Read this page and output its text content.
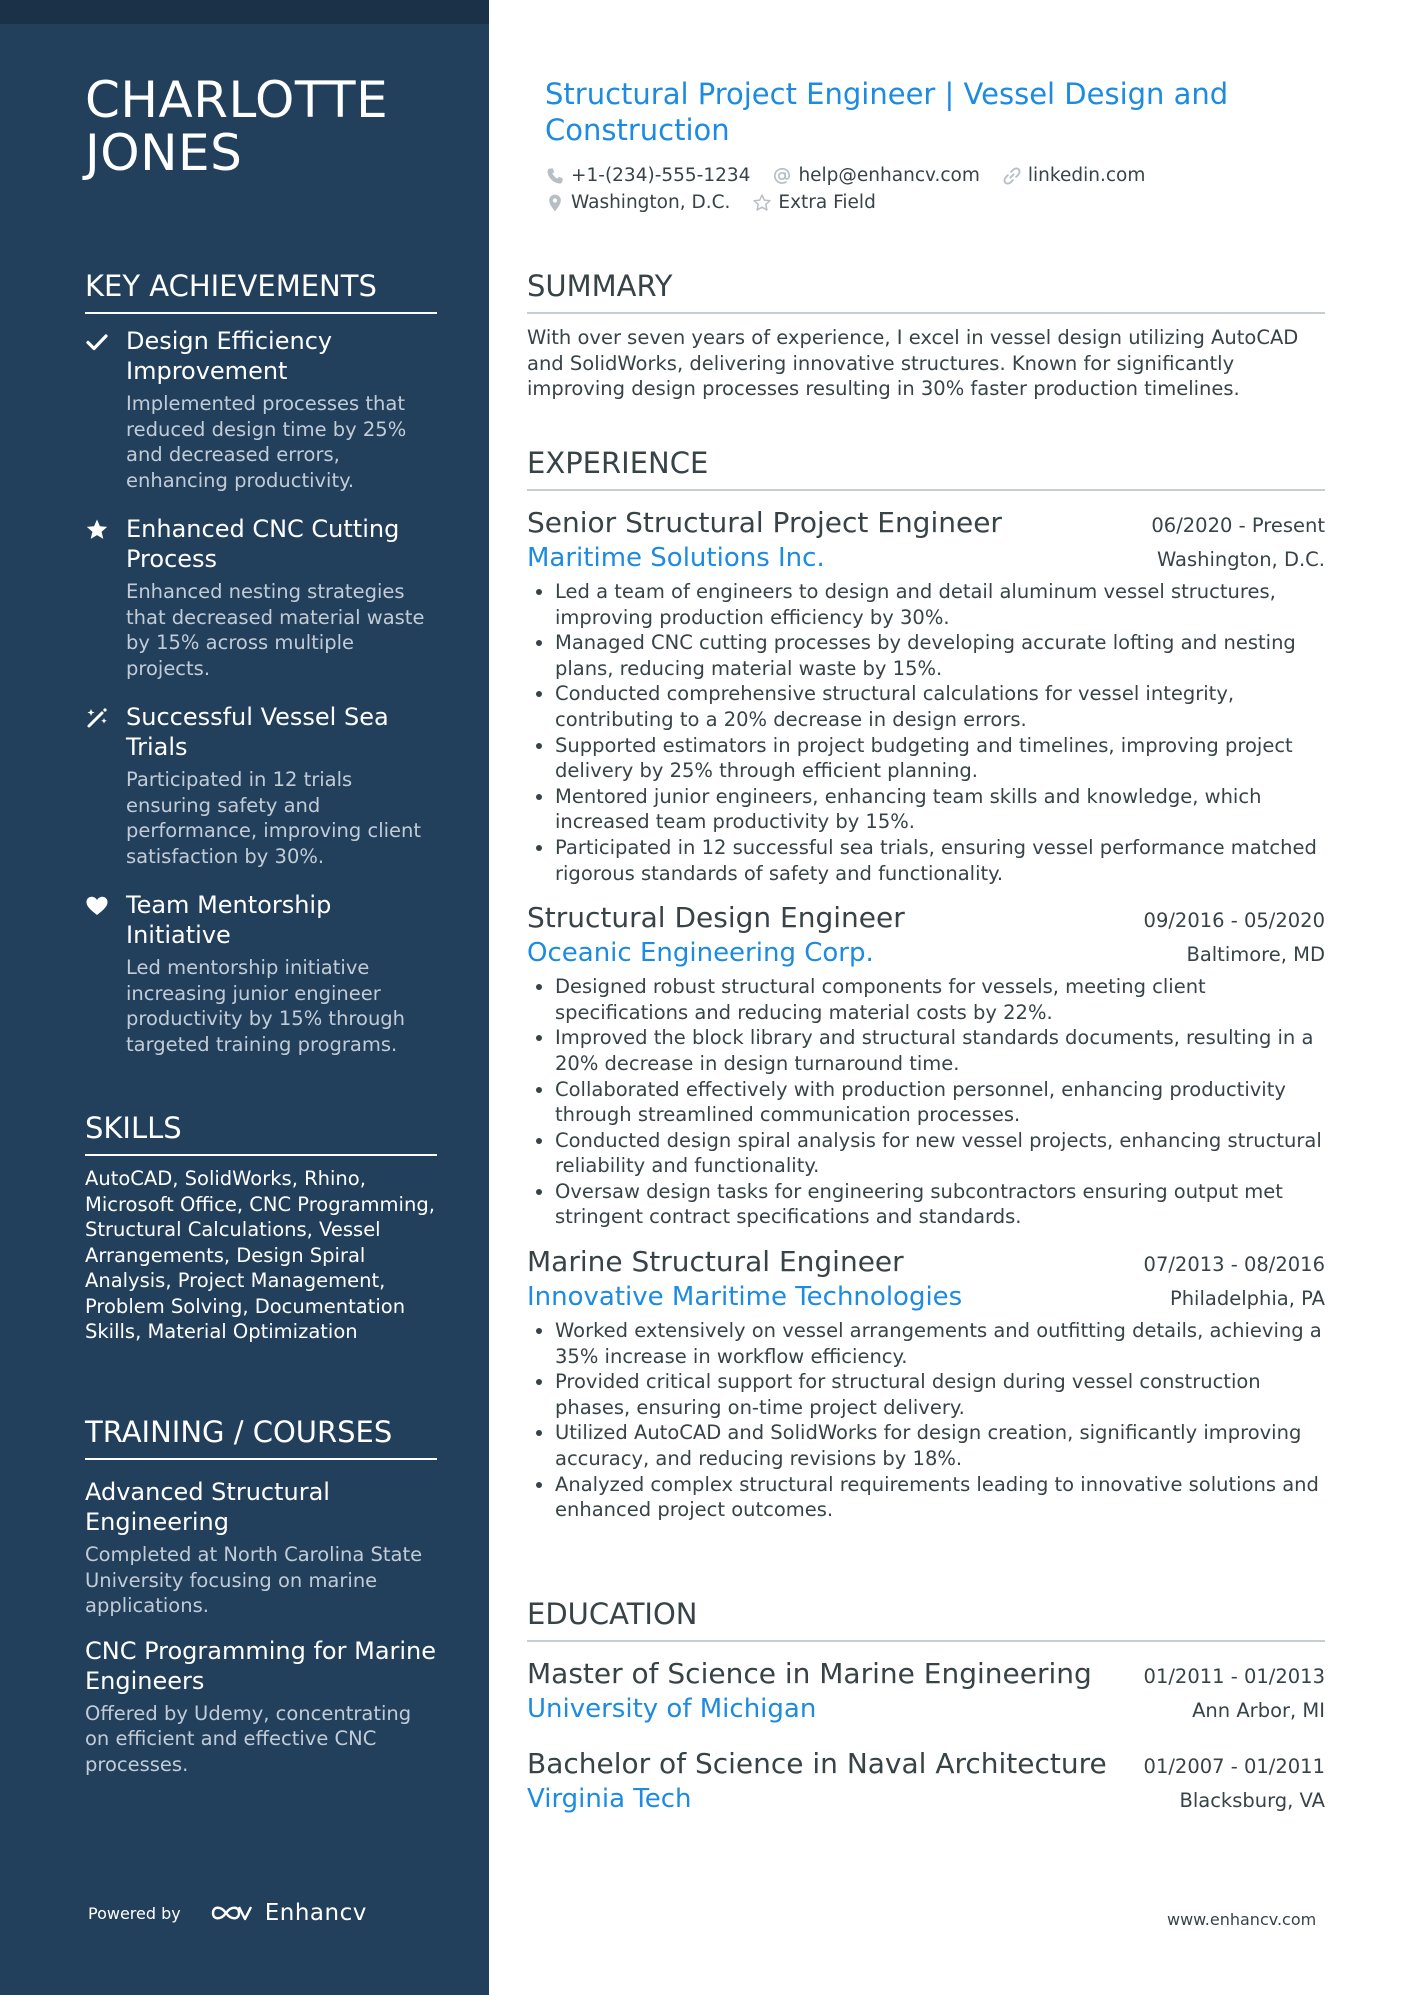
CHARLOTTE JONES
KEY ACHIEVEMENTS
Design Efficiency Improvement
Implemented processes that reduced design time by 25% and decreased errors, enhancing productivity.
Enhanced CNC Cutting Process
Enhanced nesting strategies that decreased material waste by 15% across multiple projects.
Successful Vessel Sea Trials
Participated in 12 trials ensuring safety and performance, improving client satisfaction by 30%.
Team Mentorship Initiative
Led mentorship initiative increasing junior engineer productivity by 15% through targeted training programs.
SKILLS
AutoCAD, SolidWorks, Rhino, Microsoft Office, CNC Programming, Structural Calculations, Vessel Arrangements, Design Spiral Analysis, Project Management, Problem Solving, Documentation Skills, Material Optimization
TRAINING / COURSES
Advanced Structural Engineering
Completed at North Carolina State University focusing on marine applications.
CNC Programming for Marine Engineers
Offered by Udemy, concentrating on efficient and effective CNC processes.
Powered by	Enhancv
Structural Project Engineer | Vessel Design and Construction
+1-(234)-555-1234	help@enhancv.com	linkedin.com
Washington, D.C.	Extra Field
SUMMARY

With over seven years of experience, I excel in vessel design utilizing AutoCAD and SolidWorks, delivering innovative structures. Known for significantly improving design processes resulting in 30% faster production timelines.

EXPERIENCE
Senior Structural Project Engineer	06/2020 - Present
Maritime Solutions Inc.	Washington, D.C.
Led a team of engineers to design and detail aluminum vessel structures, improving production efficiency by 30%.
Managed CNC cutting processes by developing accurate lofting and nesting plans, reducing material waste by 15%.
Conducted comprehensive structural calculations for vessel integrity, contributing to a 20% decrease in design errors.
Supported estimators in project budgeting and timelines, improving project delivery by 25% through efficient planning.
Mentored junior engineers, enhancing team skills and knowledge, which increased team productivity by 15%.
Participated in 12 successful sea trials, ensuring vessel performance matched rigorous standards of safety and functionality.
Structural Design Engineer	09/2016 - 05/2020
Oceanic Engineering Corp.	Baltimore, MD
Designed robust structural components for vessels, meeting client specifications and reducing material costs by 22%.
Improved the block library and structural standards documents, resulting in a 20% decrease in design turnaround time.
Collaborated effectively with production personnel, enhancing productivity through streamlined communication processes.
Conducted design spiral analysis for new vessel projects, enhancing structural reliability and functionality.
Oversaw design tasks for engineering subcontractors ensuring output met stringent contract specifications and standards.
Marine Structural Engineer	07/2013 - 08/2016
Innovative Maritime Technologies	Philadelphia, PA
Worked extensively on vessel arrangements and outfitting details, achieving a 35% increase in workflow efficiency.
Provided critical support for structural design during vessel construction phases, ensuring on-time project delivery.
Utilized AutoCAD and SolidWorks for design creation, significantly improving accuracy, and reducing revisions by 18%.
Analyzed complex structural requirements leading to innovative solutions and enhanced project outcomes.
EDUCATION
Master of Science in Marine Engineering	01/2011 - 01/2013
University of Michigan	Ann Arbor, MI
Bachelor of Science in Naval Architecture 01/2007 - 01/2011
Virginia Tech	Blacksburg, VA
www.enhancv.com
